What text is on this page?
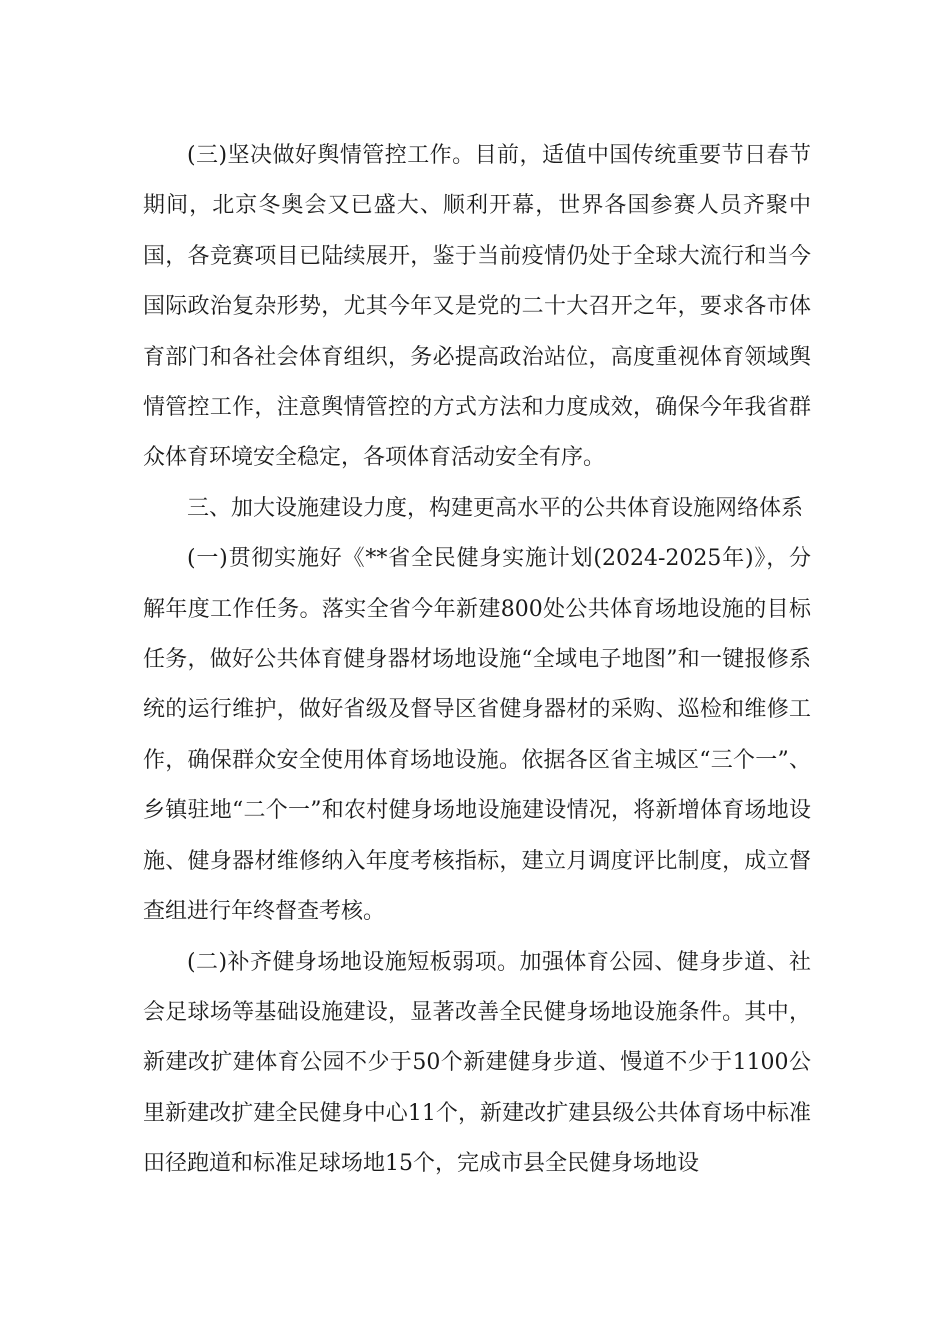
(三)坚决做好舆情管控工作。目前，适值中国传统重要节日春节期间，北京冬奥会又已盛大、顺利开幕，世界各国参赛人员齐聚中国，各竞赛项目已陆续展开，鉴于当前疫情仍处于全球大流行和当今国际政治复杂形势，尤其今年又是党的二十大召开之年，要求各市体育部门和各社会体育组织，务必提高政治站位，高度重视体育领域舆情管控工作，注意舆情管控的方式方法和力度成效，确保今年我省群众体育环境安全稳定，各项体育活动安全有序。

三、加大设施建设力度，构建更高水平的公共体育设施网络体系

(一)贯彻实施好《**省全民健身实施计划(2024-2025年)》，分解年度工作任务。落实全省今年新建800处公共体育场地设施的目标任务，做好公共体育健身器材场地设施“全域电子地图”和一键报修系统的运行维护，做好省级及督导区省健身器材的采购、巡检和维修工作，确保群众安全使用体育场地设施。依据各区省主城区“三个一”、乡镇驻地“二个一”和农村健身场地设施建设情况，将新增体育场地设施、健身器材维修纳入年度考核指标，建立月调度评比制度，成立督查组进行年终督查考核。

(二)补齐健身场地设施短板弱项。加强体育公园、健身步道、社会足球场等基础设施建设，显著改善全民健身场地设施条件。其中，新建改扩建体育公园不少于50个新建健身步道、慢道不少于1100公里新建改扩建全民健身中心11个，新建改扩建县级公共体育场中标准田径跑道和标准足球场地15个，完成市县全民健身场地设
